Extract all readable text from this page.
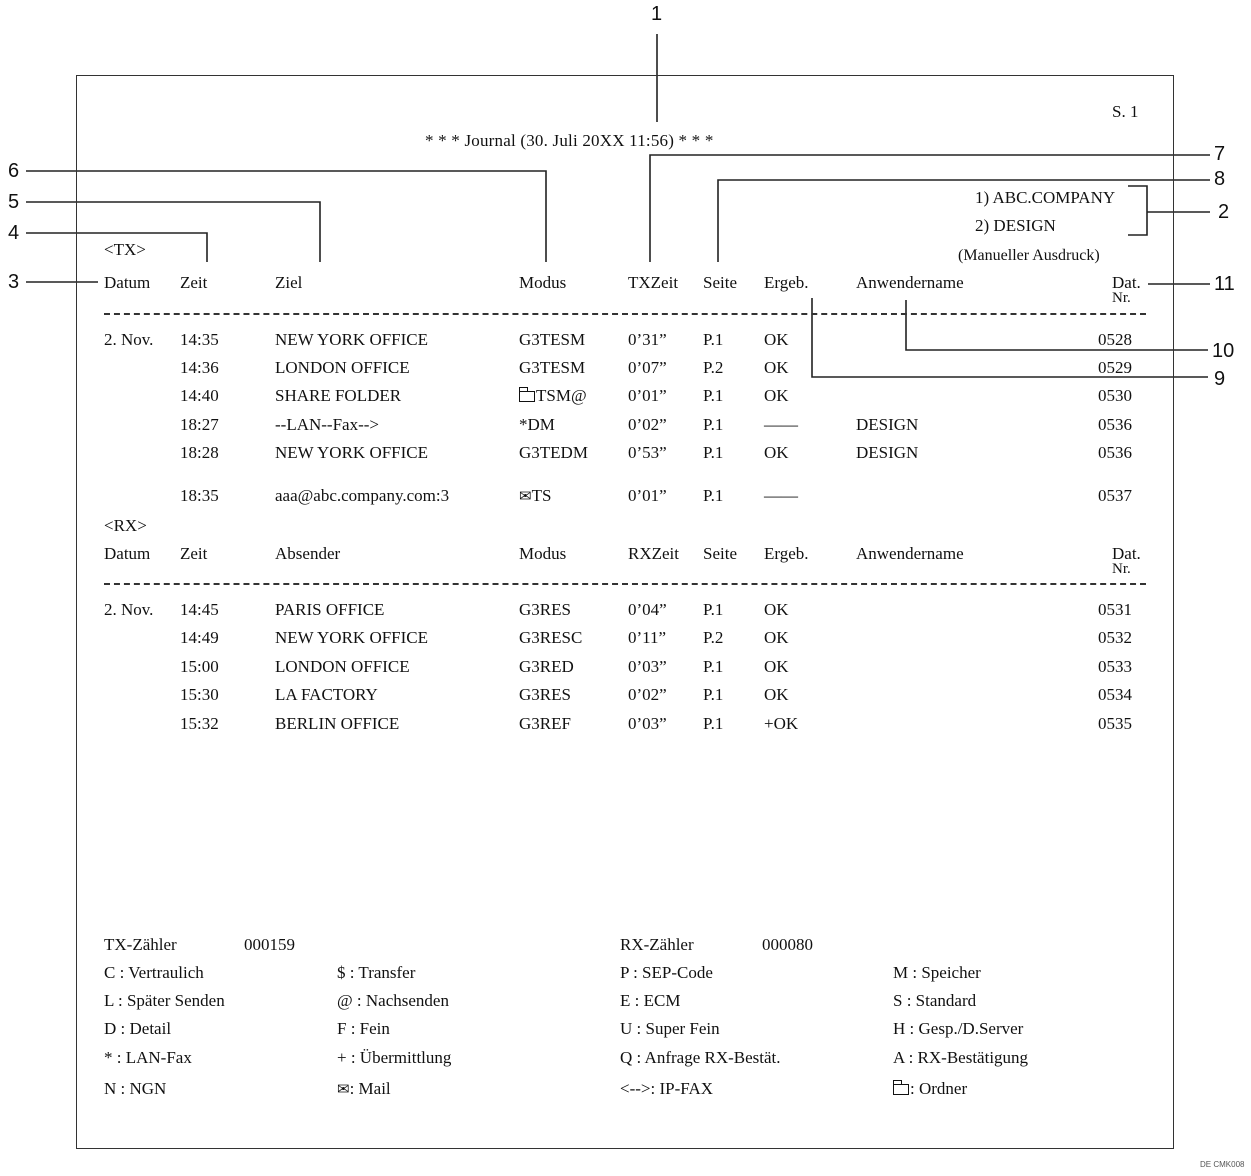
1
2
3
4
5
6
7
8
9
10
11
S. 1
* * * Journal (30. Juli 20XX 11:56) * * *
1) ABC.COMPANY
2) DESIGN
(Manueller Ausdruck)
<TX>
Datum Zeit	Ziel	Modus	TXZeit Seite Ergeb.	Anwendername	Dat.
Nr.
2. Nov. 14:35	NEW YORK OFFICE	G3TESM	0’31” P.1 OK	0528
14:36	LONDON OFFICE	G3TESM	0’07” P.2 OK	0529
14:40	SHARE FOLDER	TSM@ 0’01” P.1 OK	0530
18:27	--LAN--Fax-->	*DM	0’02” P.1 ——	DESIGN	0536
18:28	NEW YORK OFFICE	G3TEDM 0’53” P.1 OK	DESIGN	0536
18:35	aaa@abc.company.com:3	✉TS	0’01” P.1 ——	0537
<RX>
Datum Zeit	Absender	Modus	RXZeit Seite Ergeb.	Anwendername	Dat.
Nr.
2. Nov. 14:45	PARIS OFFICE	G3RES	0’04” P.1 OK	0531
14:49	NEW YORK OFFICE	G3RESC	0’11” P.2 OK	0532
15:00	LONDON OFFICE	G3RED	0’03” P.1 OK	0533
15:30	LA FACTORY	G3RES	0’02” P.1 OK	0534
15:32	BERLIN OFFICE	G3REF	0’03” P.1 +OK	0535
TX-Zähler	000159	RX-Zähler	000080
C : Vertraulich
L : Später Senden
D : Detail
* : LAN-Fax
N : NGN
$ : Transfer
@ : Nachsenden
F : Fein
+ : Übermittlung
✉: Mail
P : SEP-Code
E : ECM
U : Super Fein
Q : Anfrage RX-Bestät.
<-->: IP-FAX
M : Speicher
S : Standard
H : Gesp./D.Server
A : RX-Bestätigung
: Ordner
DE CMK008
